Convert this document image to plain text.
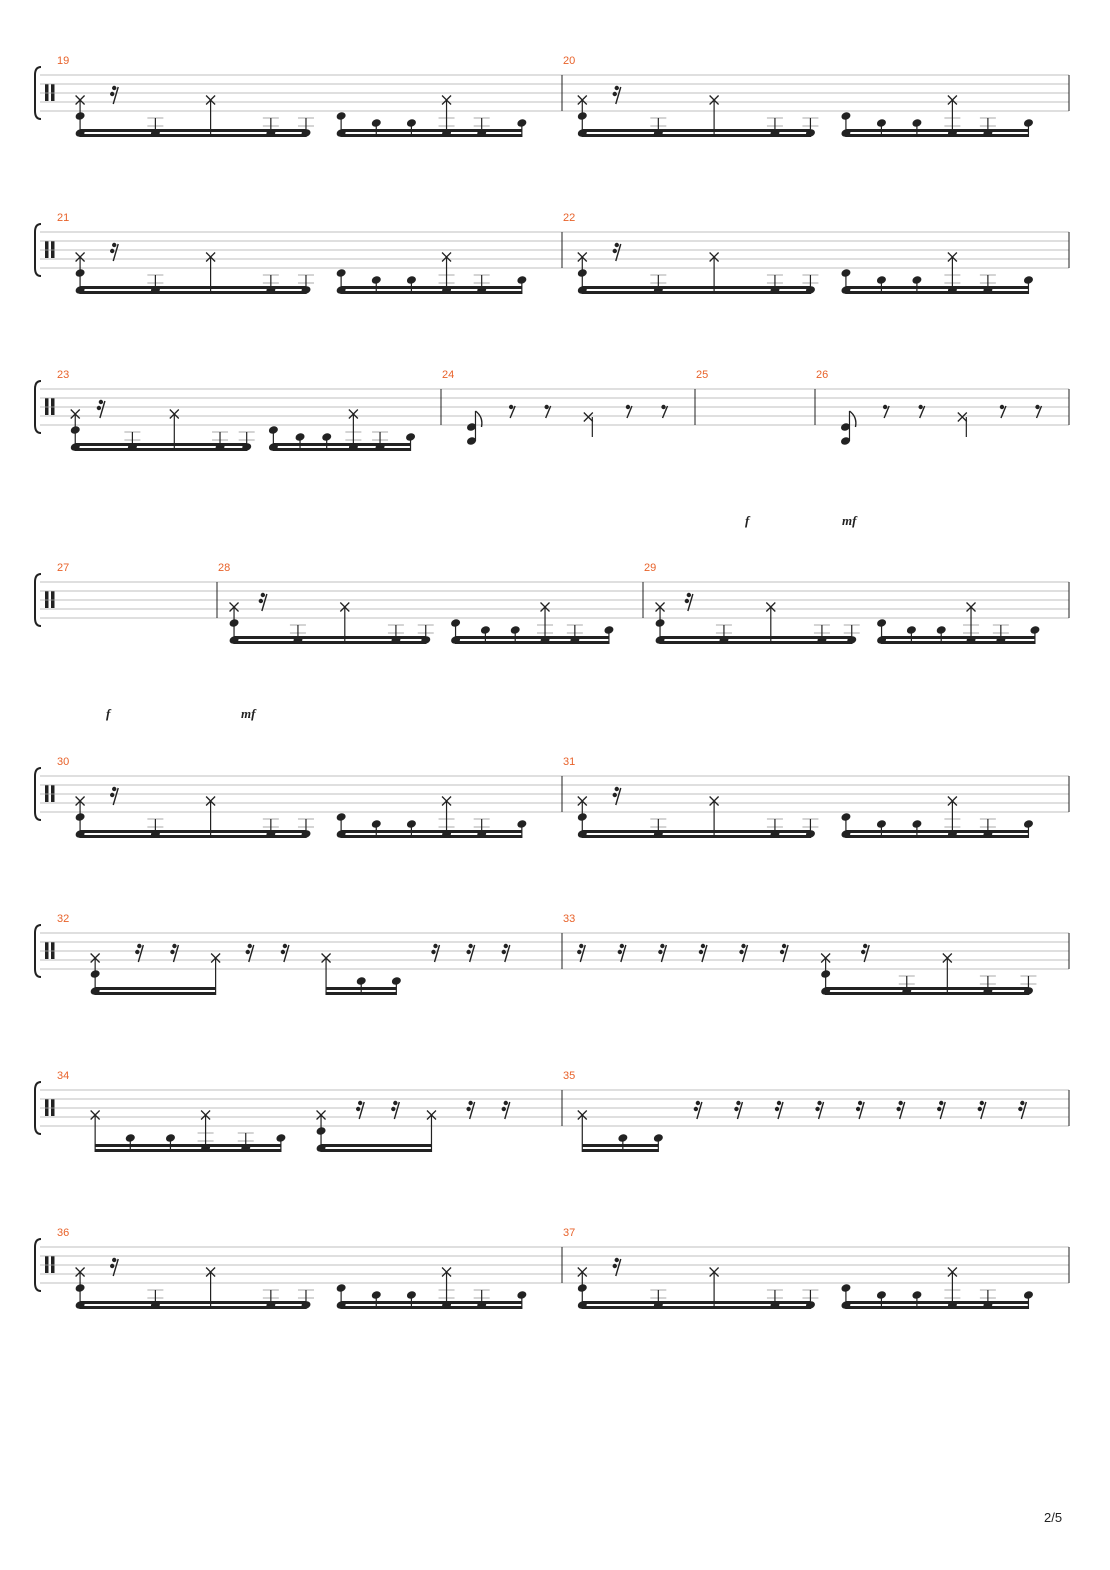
19	20
21	22
23	24	25	26
f	mf
27	28	29
f	mf
30	31
32	33
34	35
36	37
2/5
